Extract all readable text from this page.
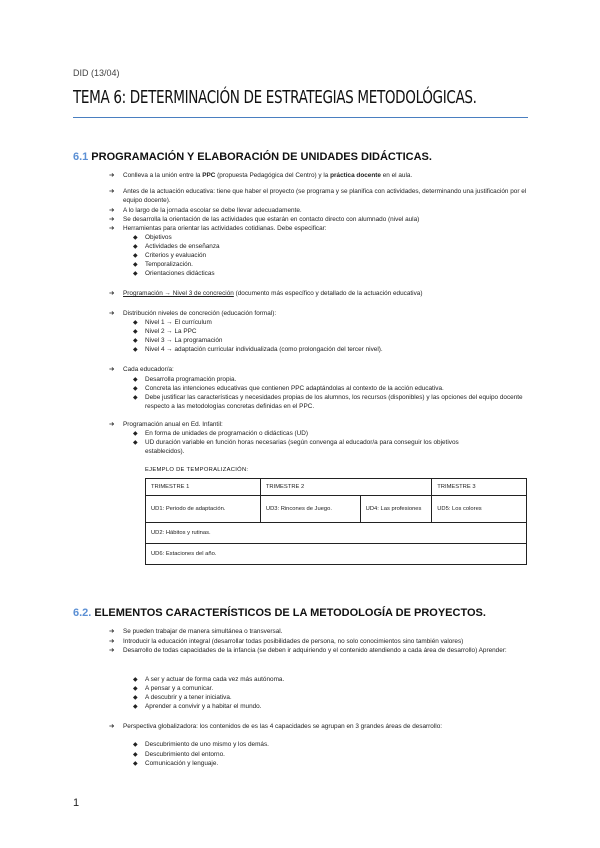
DID (13/04)
TEMA 6: DETERMINACIÓN DE ESTRATEGIAS METODOLÓGICAS.
6.1 PROGRAMACIÓN Y ELABORACIÓN DE UNIDADES DIDÁCTICAS.
➔ Conlleva a la unión entre la PPC (propuesta Pedagógica del Centro) y la práctica docente en el aula.
➔ Antes de la actuación educativa: tiene que haber el proyecto (se programa y se planifica con actividades, determinando una justificación por el equipo docente).
➔ A lo largo de la jornada escolar se debe llevar adecuadamente.
➔ Se desarrolla la orientación de las actividades que estarán en contacto directo con alumnado (nivel aula)
➔ Herramientas para orientar las actividades cotidianas. Debe especificar:
◆ Objetivos
◆ Actividades de enseñanza
◆ Criterios y evaluación
◆ Temporalización.
◆ Orientaciones didácticas
➔ Programación → Nivel 3 de concreción (documento más específico y detallado de la actuación educativa)
➔ Distribución niveles de concreción (educación formal):
◆ Nivel 1 → El currículum
◆ Nivel 2 → La PPC
◆ Nivel 3 → La programación
◆ Nivel 4 → adaptación curricular individualizada (como prolongación del tercer nivel).
➔ Cada educador/a:
◆ Desarrolla programación propia.
◆ Concreta las intenciones educativas que contienen PPC adaptándolas al contexto de la acción educativa.
◆ Debe justificar las características y necesidades propias de los alumnos, los recursos (disponibles) y las opciones del equipo docente respecto a las metodologías concretas definidas en el PPC.
➔ Programación anual en Ed. Infantil:
◆ En forma de unidades de programación o didácticas (UD)
◆ UD duración variable en función horas necesarias (según convenga al educador/a para conseguir los objetivos establecidos).
EJEMPLO DE TEMPORALIZACIÓN:
TRIMESTRE 1	TRIMESTRE 2		TRIMESTRE 3
UD1: Periodo de adaptación.	UD3: Rincones de Juego.	UD4: Las profesiones	UD5: Los colores
UD2: Hábitos y rutinas.			
UD6: Estaciones del año.			
6.2. ELEMENTOS CARACTERÍSTICOS DE LA METODOLOGÍA DE PROYECTOS.
➔ Se pueden trabajar de manera simultánea o transversal.
➔ Introducir la educación integral (desarrollar todas posibilidades de persona, no solo conocimientos sino también valores)
➔ Desarrollo de todas capacidades de la infancia (se deben ir adquiriendo y el contenido atendiendo a cada área de desarrollo) Aprender:
◆ A ser y actuar de forma cada vez más autónoma.
◆ A pensar y a comunicar.
◆ A descubrir y a tener iniciativa.
◆ Aprender a convivir y a habitar el mundo.
➔ Perspectiva globalizadora: los contenidos de es las 4 capacidades se agrupan en 3 grandes áreas de desarrollo:
◆ Descubrimiento de uno mismo y los demás.
◆ Descubrimiento del entorno.
◆ Comunicación y lenguaje.
1
